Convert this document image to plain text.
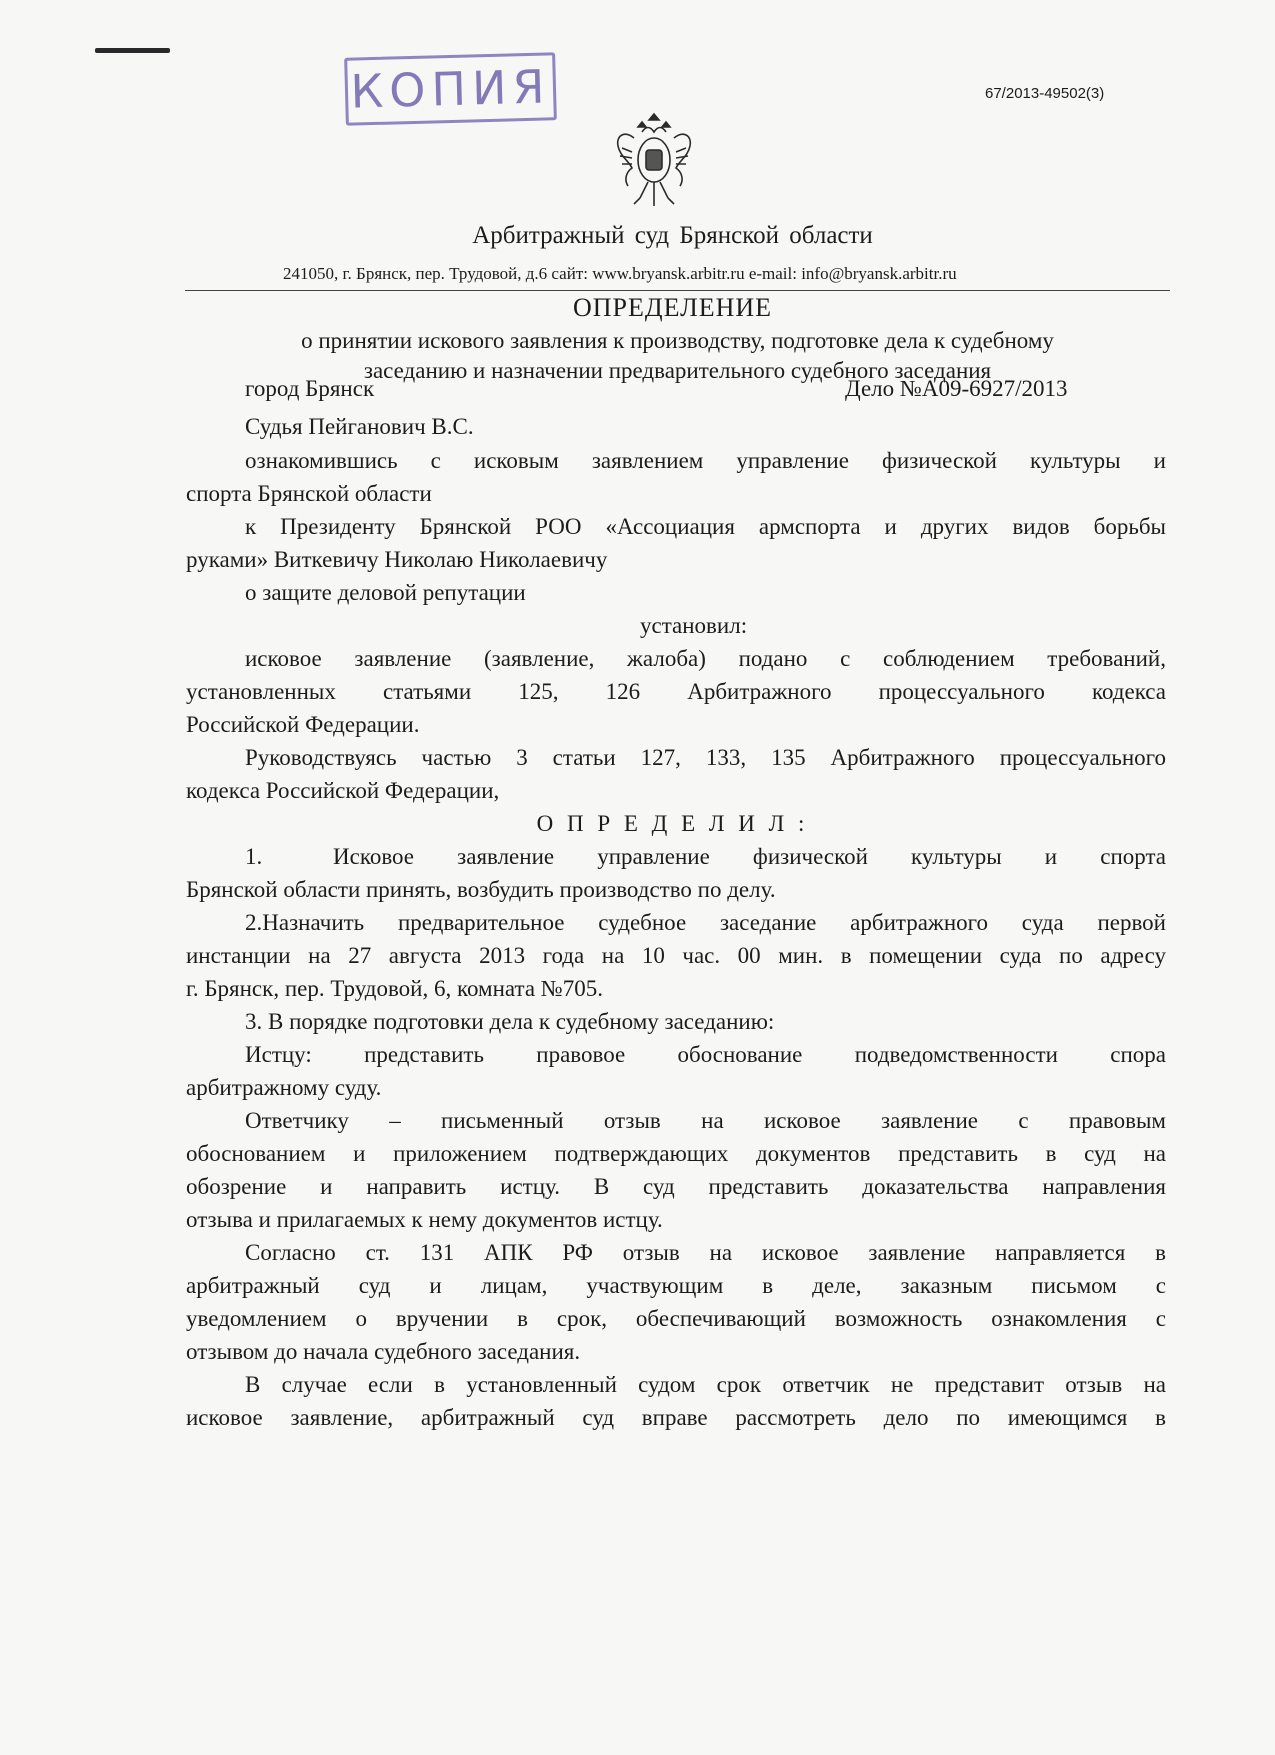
КОПИЯ	67/2013-49502(3)
Арбитражный суд Брянской области
241050, г. Брянск, пер. Трудовой, д.6 сайт: www.bryansk.arbitr.ru e-mail: info@bryansk.arbitr.ru
ОПРЕДЕЛЕНИЕ
о принятии искового заявления к производству, подготовке дела к судебному
заседанию и назначении предварительного судебного заседания
город Брянск	Дело №А09-6927/2013
Судья Пейганович В.С.
ознакомившись с исковым заявлением управление физической культуры и
спорта Брянской области
к Президенту Брянской РОО «Ассоциация армспорта и других видов борьбы
руками» Виткевичу Николаю Николаевичу
о защите деловой репутации
установил:
исковое заявление (заявление, жалоба) подано с соблюдением требований,
установленных статьями 125, 126 Арбитражного процессуального кодекса
Российской Федерации.
Руководствуясь частью 3 статьи 127, 133, 135 Арбитражного процессуального
кодекса Российской Федерации,
О П Р Е Д Е Л И Л :
1.	Исковое заявление управление физической культуры и спорта
Брянской области принять, возбудить производство по делу.
2.Назначить предварительное судебное заседание арбитражного суда первой
инстанции на 27 августа 2013 года на 10 час. 00 мин. в помещении суда по адресу
г. Брянск, пер. Трудовой, 6, комната №705.
3. В порядке подготовки дела к судебному заседанию:
Истцу: представить правовое обоснование подведомственности спора
арбитражному суду.
Ответчику – письменный отзыв на исковое заявление с правовым
обоснованием и приложением подтверждающих документов представить в суд на
обозрение и направить истцу. В суд представить доказательства направления
отзыва и прилагаемых к нему документов истцу.
Согласно ст. 131 АПК РФ отзыв на исковое заявление направляется в
арбитражный суд и лицам, участвующим в деле, заказным письмом с
уведомлением о вручении в срок, обеспечивающий возможность ознакомления с
отзывом до начала судебного заседания.
В случае если в установленный судом срок ответчик не представит отзыв на
исковое заявление, арбитражный суд вправе рассмотреть дело по имеющимся в
